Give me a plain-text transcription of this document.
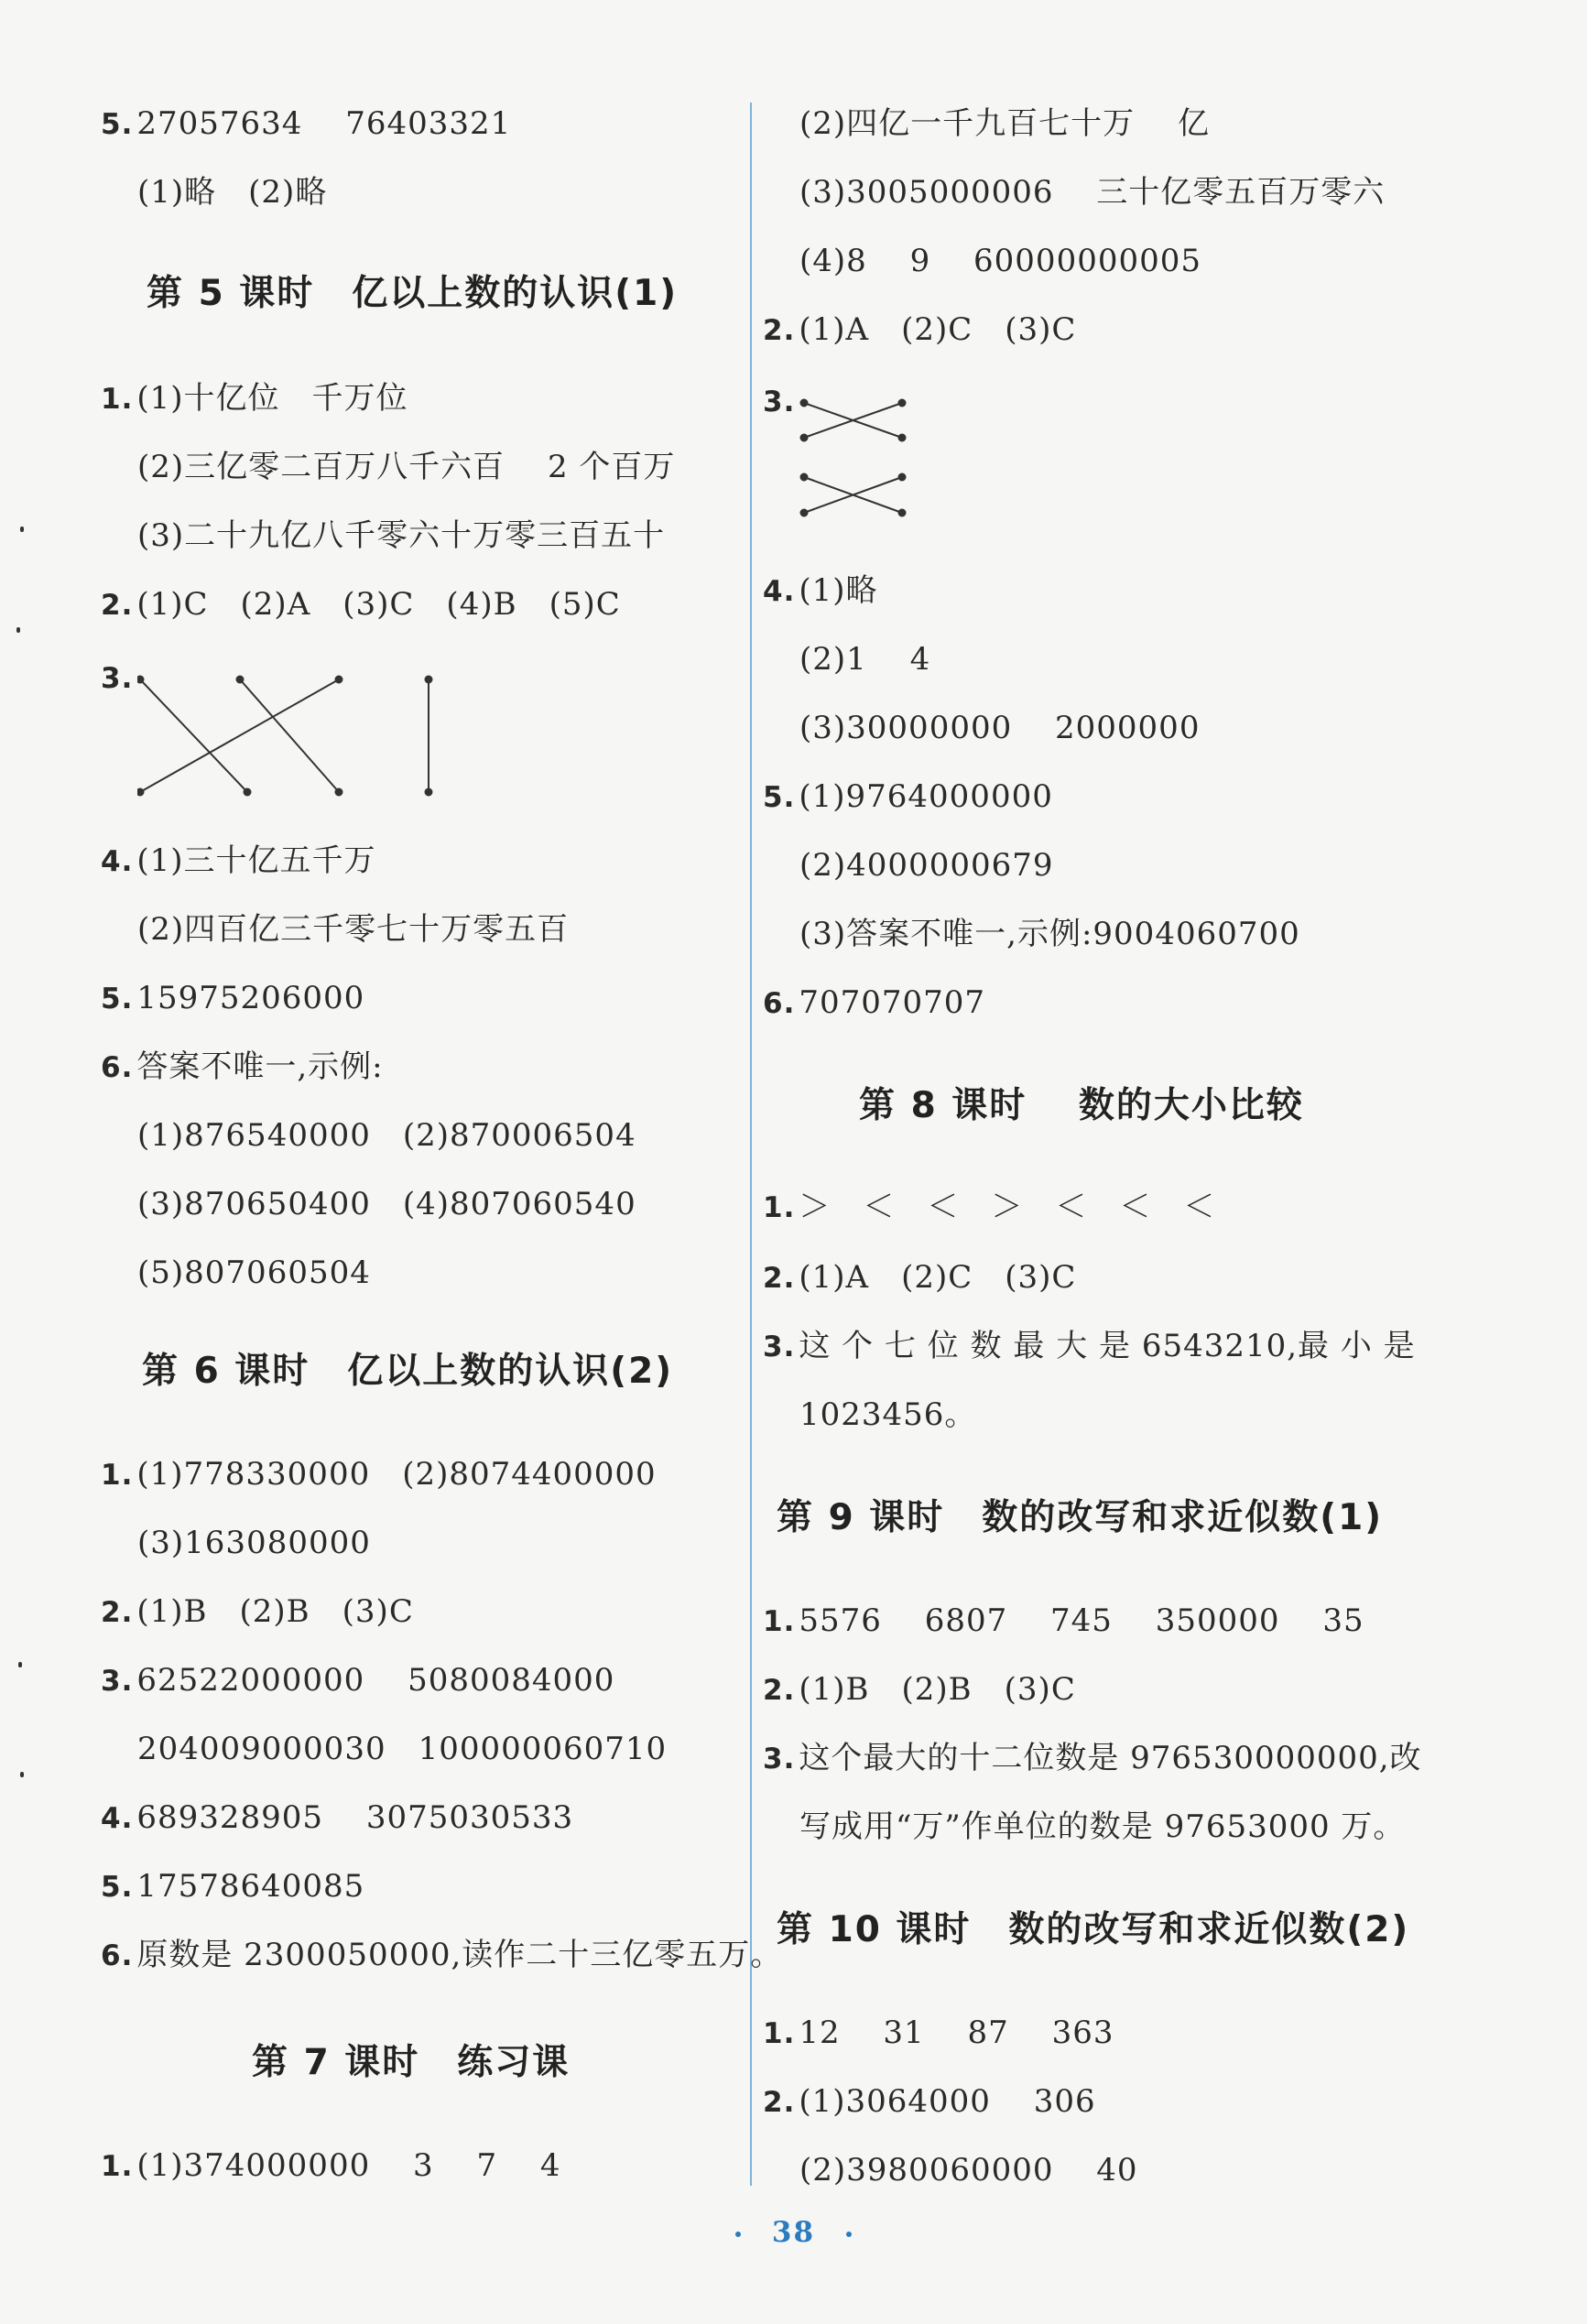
5. 27057634　 76403321
(1)略　(2)略
第 5 课时　亿以上数的认识(1)
1. (1)十亿位　千万位
(2)三亿零二百万八千六百　 2 个百万
(3)二十九亿八千零六十万零三百五十
2. (1)C　(2)A　(3)C　(4)B　(5)C
3.
4. (1)三十亿五千万
(2)四百亿三千零七十万零五百
5. 15975206000
6. 答案不唯一,示例:
(1)876540000　(2)870006504
(3)870650400　(4)807060540
(5)807060504
第 6 课时　亿以上数的认识(2)
1. (1)778330000　(2)8074400000
(3)163080000
2. (1)B　(2)B　(3)C
3. 62522000000　 5080084000
204009000030　100000060710
4. 689328905　 3075030533
5. 17578640085
6. 原数是 2300050000,读作二十三亿零五万。
第 7 课时　练习课
1. (1)374000000　 3　 7　 4
(2)四亿一千九百七十万　 亿
(3)3005000006　 三十亿零五百万零六
(4)8　 9　 60000000005
2. (1)A　(2)C　(3)C
3.
4. (1)略
(2)1　 4
(3)30000000　 2000000
5. (1)9764000000
(2)4000000679
(3)答案不唯一,示例:9004060700
6. 707070707
第 8 课时　 数的大小比较
1. ＞　＜　＜　＞　＜　＜　＜
2. (1)A　(2)C　(3)C
3. 这 个 七 位 数 最 大 是 6543210,最 小 是
1023456。
第 9 课时　数的改写和求近似数(1)
1. 5576　 6807　 745　 350000　 35
2. (1)B　(2)B　(3)C
3. 这个最大的十二位数是 976530000000,改
写成用“万”作单位的数是 97653000 万。
第 10 课时　数的改写和求近似数(2)
1. 12　 31　 87　 363
2. (1)3064000　 306
(2)3980060000　 40
38
